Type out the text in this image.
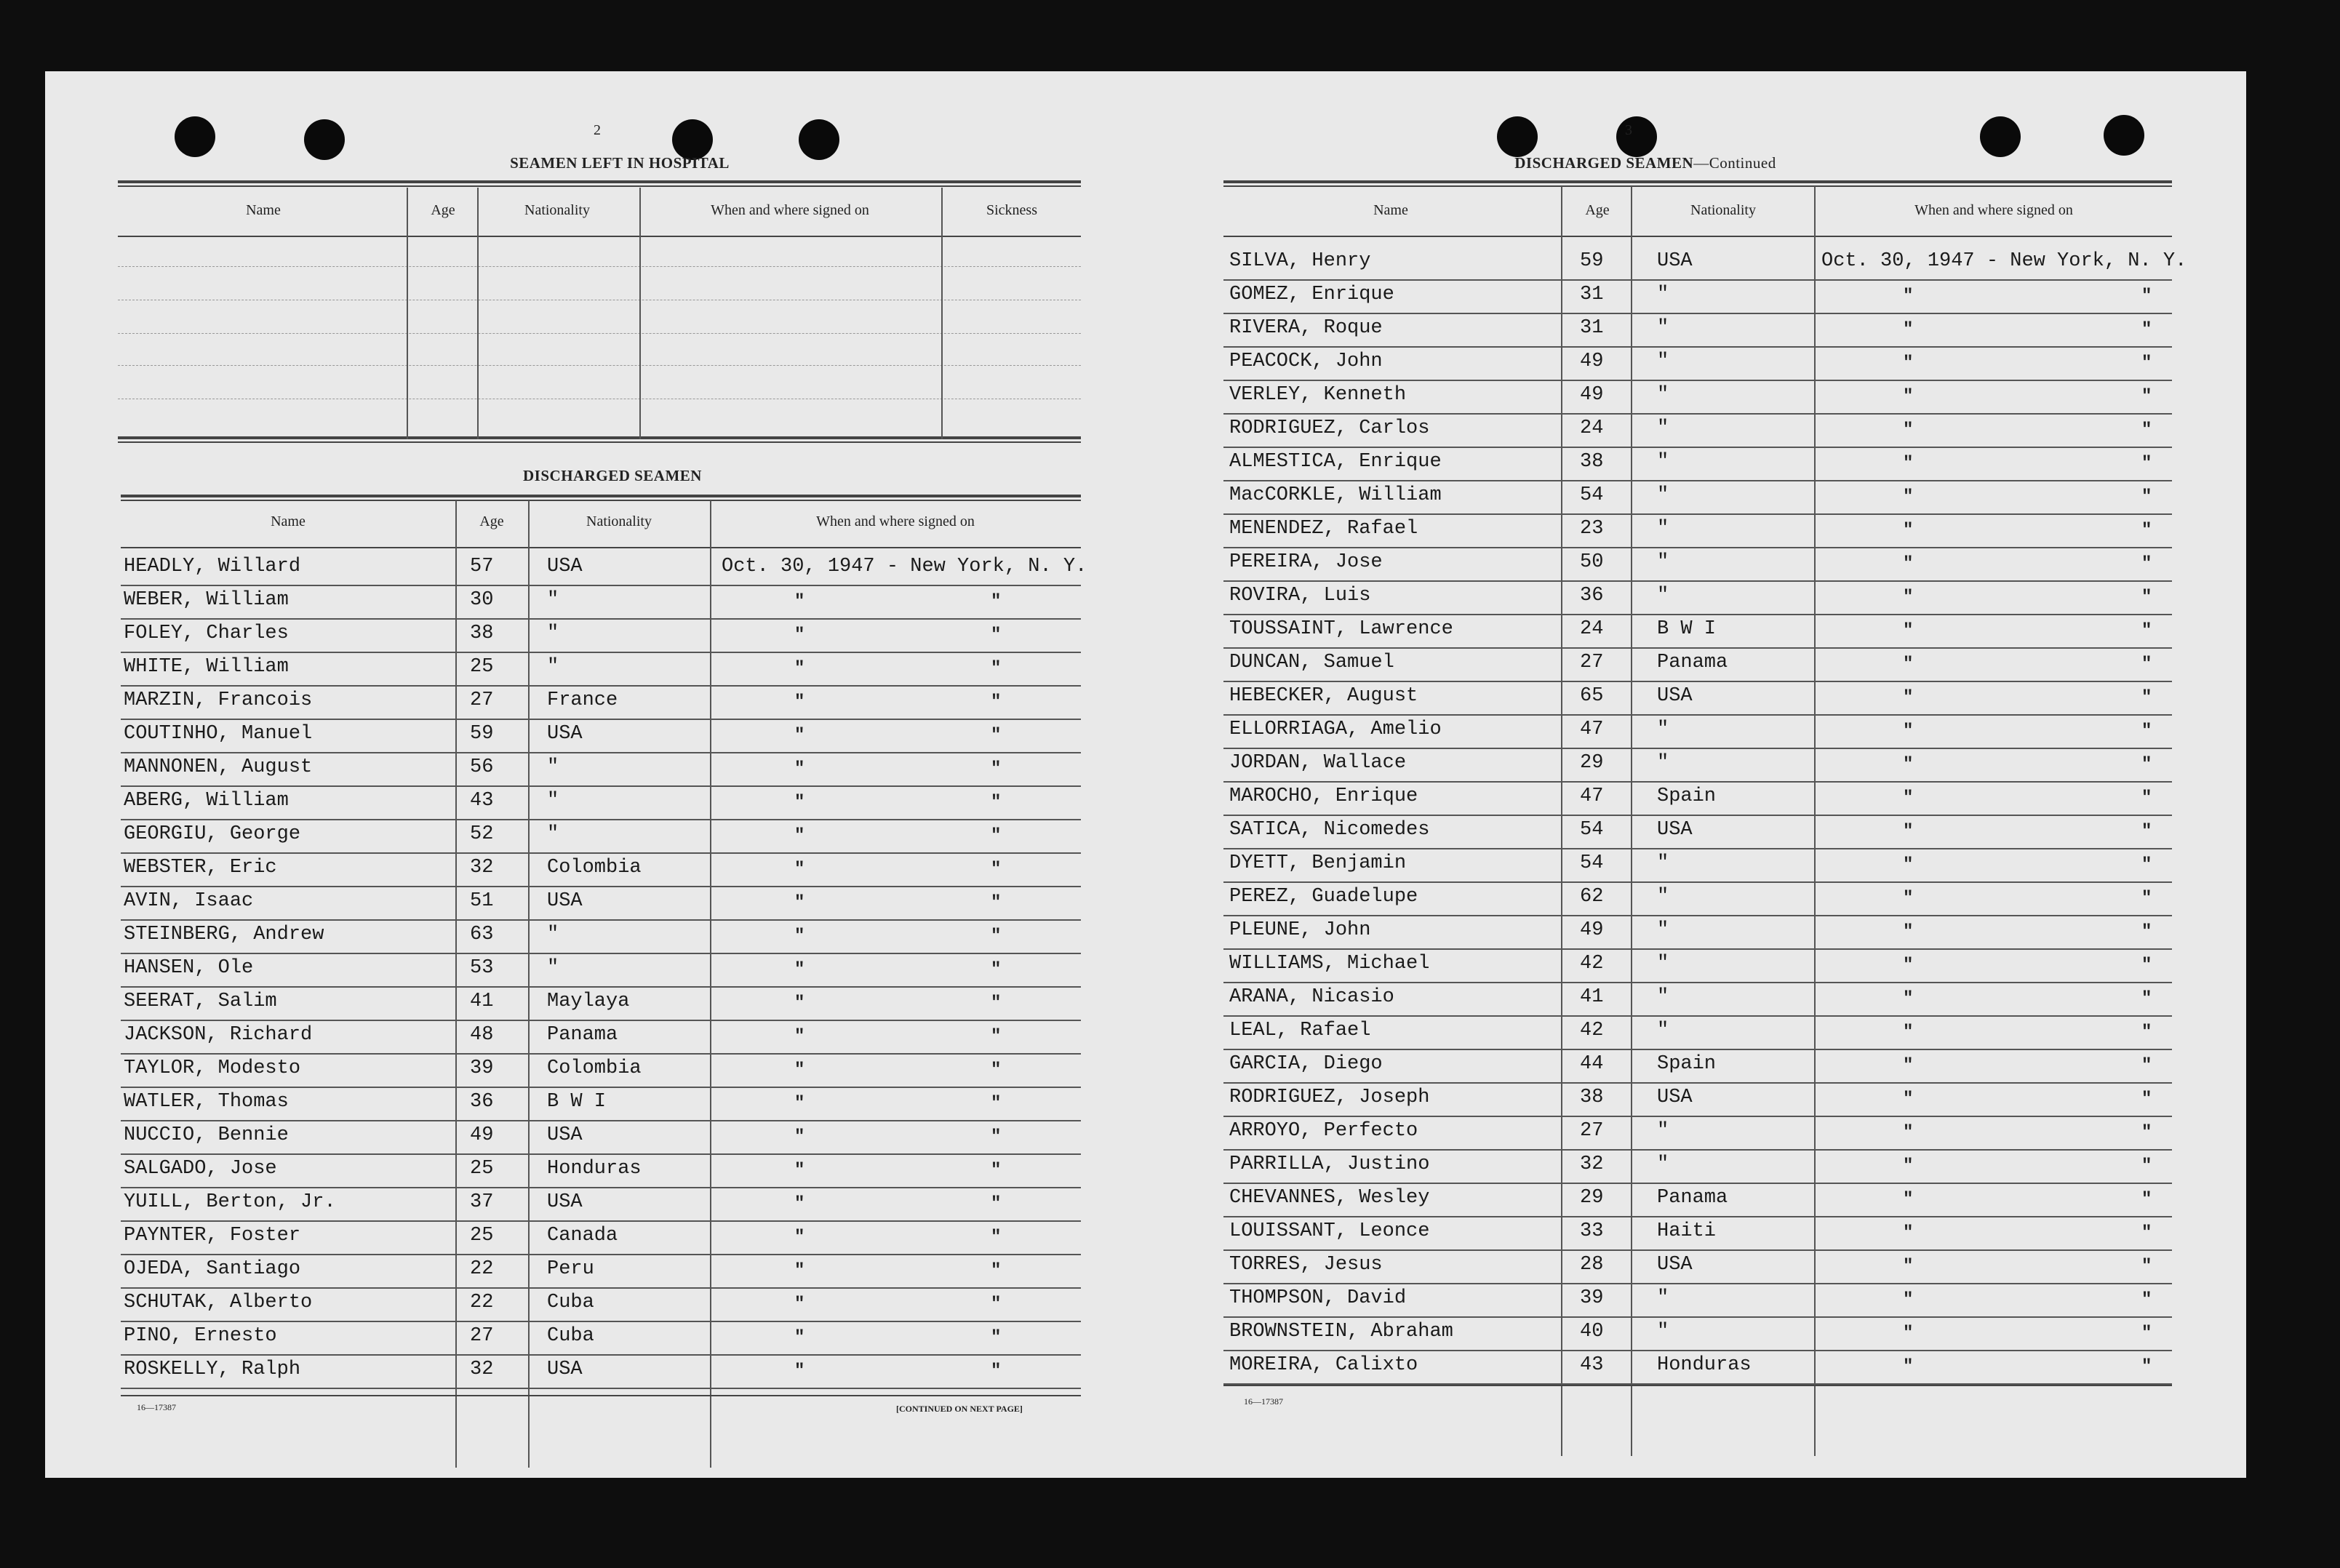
2
SEAMEN LEFT IN HOSPITAL
Name	Age	Nationality	When and where signed on	Sickness
DISCHARGED SEAMEN
Name	Age	Nationality	When and where signed on
HEADLY, Willard	57	USA	Oct. 30, 1947 - New York, N. Y.
WEBER, William	30	"	"	"
FOLEY, Charles	38	"	"	"
WHITE, William	25	"	"	"
MARZIN, Francois	27	France	"	"
COUTINHO, Manuel	59	USA	"	"
MANNONEN, August	56	"	"	"
ABERG, William	43	"	"	"
GEORGIU, George	52	"	"	"
WEBSTER, Eric	32	Colombia	"	"
AVIN, Isaac	51	USA	"	"
STEINBERG, Andrew	63	"	"	"
HANSEN, Ole	53	"	"	"
SEERAT, Salim	41	Maylaya	"	"
JACKSON, Richard	48	Panama	"	"
TAYLOR, Modesto	39	Colombia	"	"
WATLER, Thomas	36	B W I	"	"
NUCCIO, Bennie	49	USA	"	"
SALGADO, Jose	25	Honduras	"	"
YUILL, Berton, Jr.	37	USA	"	"
PAYNTER, Foster	25	Canada	"	"
OJEDA, Santiago	22	Peru	"	"
SCHUTAK, Alberto	22	Cuba	"	"
PINO, Ernesto	27	Cuba	"	"
ROSKELLY, Ralph	32	USA	"	"
16—17387	[CONTINUED ON NEXT PAGE]
3
DISCHARGED SEAMEN—Continued
Name	Age	Nationality	When and where signed on
SILVA, Henry	59	USA	Oct. 30, 1947 - New York, N. Y.
GOMEZ, Enrique	31	"	"	"
RIVERA, Roque	31	"	"	"
PEACOCK, John	49	"	"	"
VERLEY, Kenneth	49	"	"	"
RODRIGUEZ, Carlos	24	"	"	"
ALMESTICA, Enrique	38	"	"	"
MacCORKLE, William	54	"	"	"
MENENDEZ, Rafael	23	"	"	"
PEREIRA, Jose	50	"	"	"
ROVIRA, Luis	36	"	"	"
TOUSSAINT, Lawrence	24	B W I	"	"
DUNCAN, Samuel	27	Panama	"	"
HEBECKER, August	65	USA	"	"
ELLORRIAGA, Amelio	47	"	"	"
JORDAN, Wallace	29	"	"	"
MAROCHO, Enrique	47	Spain	"	"
SATICA, Nicomedes	54	USA	"	"
DYETT, Benjamin	54	"	"	"
PEREZ, Guadelupe	62	"	"	"
PLEUNE, John	49	"	"	"
WILLIAMS, Michael	42	"	"	"
ARANA, Nicasio	41	"	"	"
LEAL, Rafael	42	"	"	"
GARCIA, Diego	44	Spain	"	"
RODRIGUEZ, Joseph	38	USA	"	"
ARROYO, Perfecto	27	"	"	"
PARRILLA, Justino	32	"	"	"
CHEVANNES, Wesley	29	Panama	"	"
LOUISSANT, Leonce	33	Haiti	"	"
TORRES, Jesus	28	USA	"	"
THOMPSON, David	39	"	"	"
BROWNSTEIN, Abraham	40	"	"	"
MOREIRA, Calixto	43	Honduras	"	"
16—17387
